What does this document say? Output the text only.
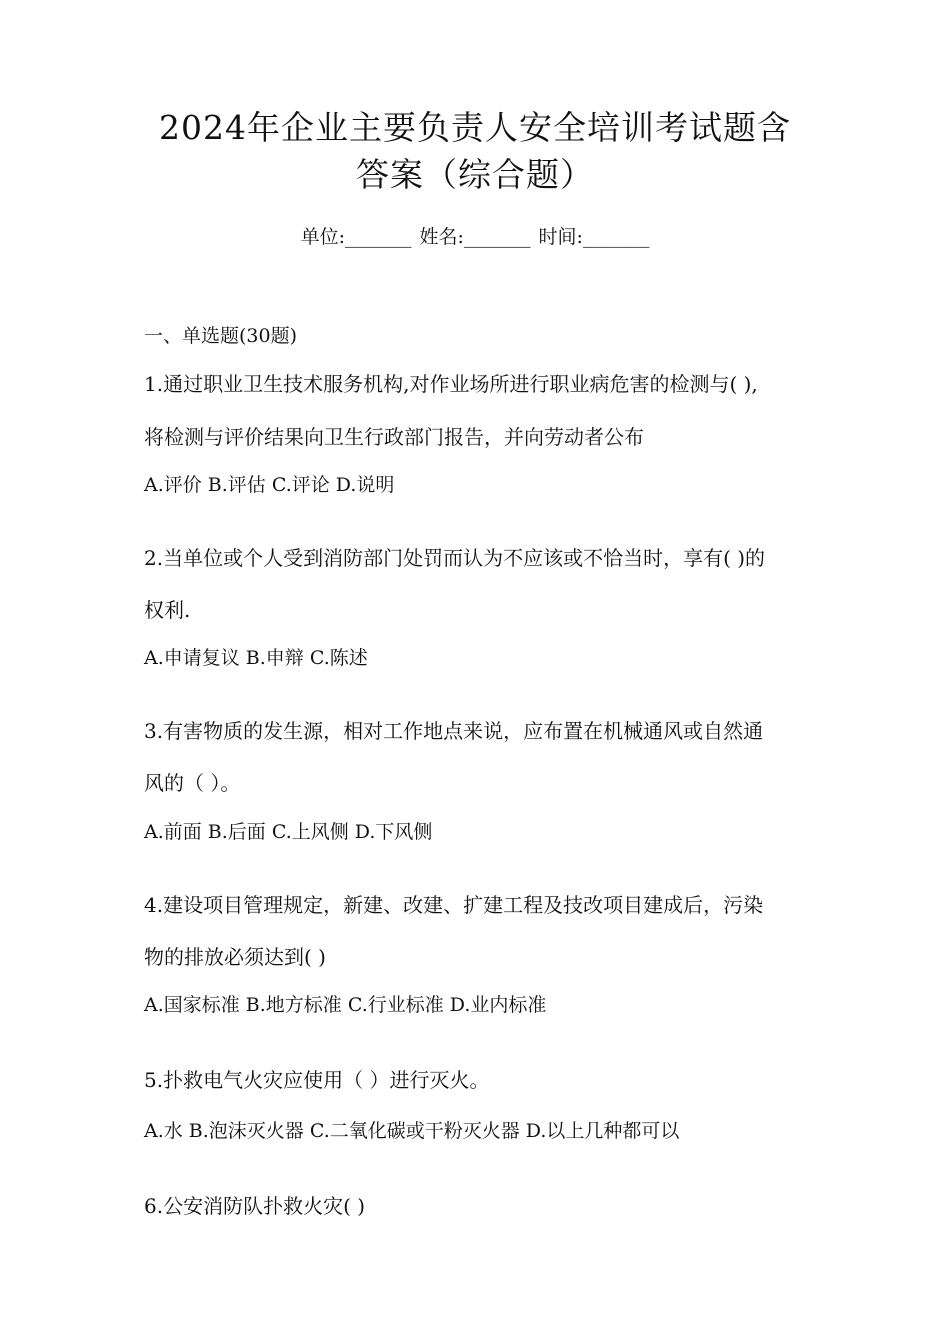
2024年企业主要负责人安全培训考试题含
答案（综合题）
单位:_______ 姓名:_______ 时间:_______
一、单选题(30题)
1.通过职业卫生技术服务机构,对作业场所进行职业病危害的检测与( ),
将检测与评价结果向卫生行政部门报告，并向劳动者公布
A.评价 B.评估 C.评论 D.说明
2.当单位或个人受到消防部门处罚而认为不应该或不恰当时，享有( )的
权利.
A.申请复议 B.申辩 C.陈述
3.有害物质的发生源，相对工作地点来说，应布置在机械通风或自然通
风的（ ）。
A.前面 B.后面 C.上风侧 D.下风侧
4.建设项目管理规定，新建、改建、扩建工程及技改项目建成后，污染
物的排放必须达到( )
A.国家标准 B.地方标准 C.行业标准 D.业内标准
5.扑救电气火灾应使用（ ）进行灭火。
A.水 B.泡沫灭火器 C.二氧化碳或干粉灭火器 D.以上几种都可以
6.公安消防队扑救火灾( )
